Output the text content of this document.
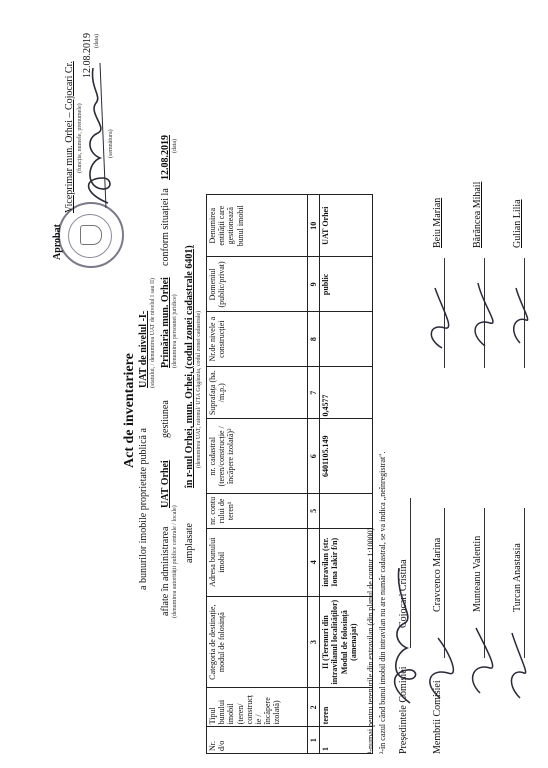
Aprobat
Viceprimar mun. Orhei – Cojocari Cr. (funcția, numele, prenumele)
12.08.2019 (data)
(semnătura)
Act de inventariere
a bunurilor imobile proprietate publică a
UAT de nivelul -I- (statului, / denumirea UAT de nivelul I sau II)
aflate în administrarea
UAT Orhei
(denumirea autorității publice centrale / locale)
gestiunea
Primăria mun. Orhei (denumirea persoanei juridice)
conform situației la
12.08.2019 (data)
amplasate
în r-nul Orhei, mun. Orhei, (codul zonei cadastrale 6401) (denumirea UAT, raionul/ UTA Găgăuzia, codul zonei cadastrale)
Nr. d/o	Tipul bunului imobil (teren/ construcț ie /încăpere izolată)	Categoria de destinație, modul de folosință	Adresa bunului imobil	nr. contu rului de teren¹	nr. cadastral (teren/construcție /încăpere izolată)²	Suprafața (ha. /m.p.)	Nr.de nivele a construcției	Domeniul (public/privat)	Denumirea entității care gestionează bunul imobil
1	2	3	4	5	6	7	8	9	10
1	teren	II (Terenuri din intravilanul localităților) Modul de folosință (amenajat)	intravilan (str. Iona Iakir f/n)		6401105.149	0,4577		public	UAT Orhei
¹-numai pentru terenurile din extravilan (din planul de contur 1:10000). ²-în cazul când bunul imobil din intravilan nu are număr cadastral, se va indica „neînregistrat". Președintele Comisiei
Cojocari Cristina
Membrii Comisiei
Cravcenco Marina	Munteanu Valentin	Turcan Anastasia
Beiu Marian	Bărăncea Mihail	Gulian Lilia
